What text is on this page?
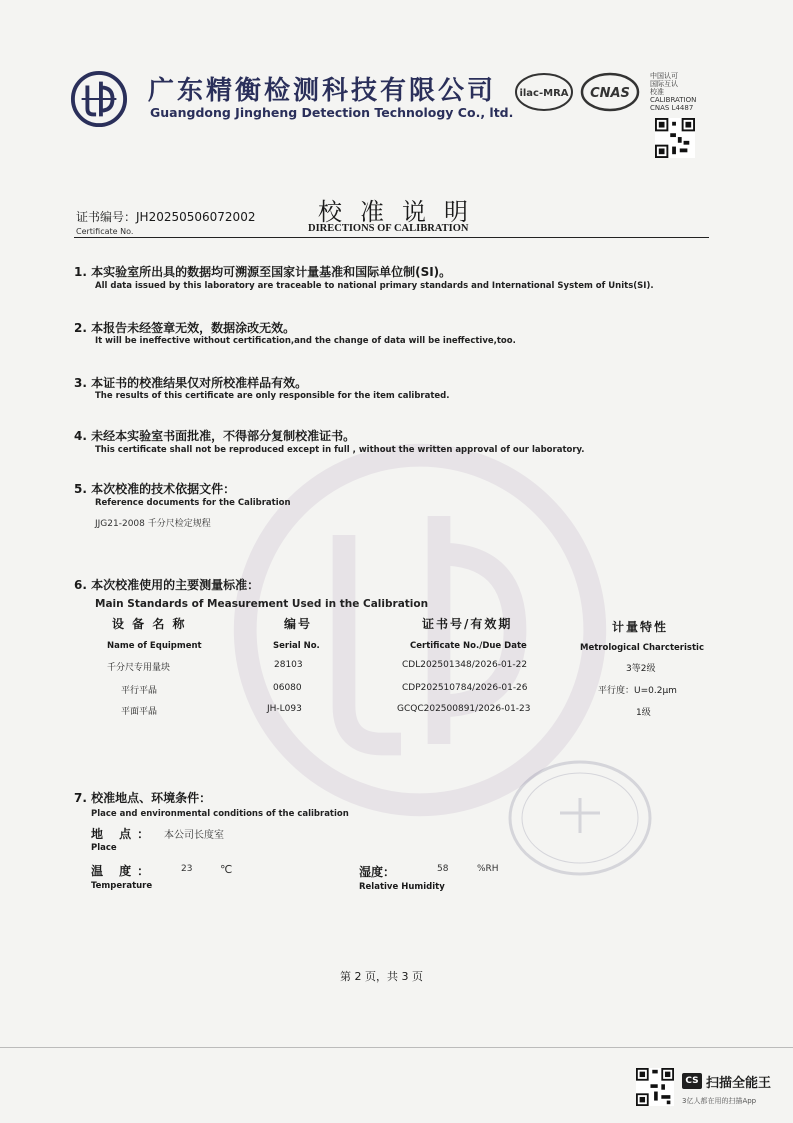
广东精衡检测科技有限公司
Guangdong Jingheng Detection Technology Co., ltd.
ilac-MRA CNAS
中国认可
国际互认
校准
CALIBRATION
CNAS L4487
证书编号：JH20250506072002
Certificate No.
校准说明
DIRECTIONS OF CALIBRATION
1. 本实验室所出具的数据均可溯源至国家计量基准和国际单位制(SI)。
All data issued by this laboratory are traceable to national primary standards and International System of Units(SI).
2. 本报告未经签章无效，数据涂改无效。
It will be ineffective without certification,and the change of data will be ineffective,too.
3. 本证书的校准结果仅对所校准样品有效。
The results of this certificate are only responsible for the item calibrated.
4. 未经本实验室书面批准，不得部分复制校准证书。
This certificate shall not be reproduced except in full , without the written approval of our laboratory.
5. 本次校准的技术依据文件：
Reference documents for the Calibration
JJG21-2008 千分尺检定规程
6. 本次校准使用的主要测量标准：
Main Standards of Measurement Used in the Calibration
设 备 名 称	编号	证书号/有效期	计量特性
Name of Equipment	Serial No.	Certificate No./Due Date	Metrological Charcteristic
千分尺专用量块	28103	CDL202501348/2026-01-22	3等2级
平行平晶	06080	CDP202510784/2026-01-26	平行度：U=0.2μm
平面平晶	JH-L093	GCQC202500891/2026-01-23	1级
7. 校准地点、环境条件：
Place and environmental conditions of the calibration
地 点： 本公司长度室
Place
温 度：	23	℃
Temperature
湿度：	58	%RH
Relative Humidity
第 2 页，共 3 页
CS 扫描全能王
3亿人都在用的扫描App
